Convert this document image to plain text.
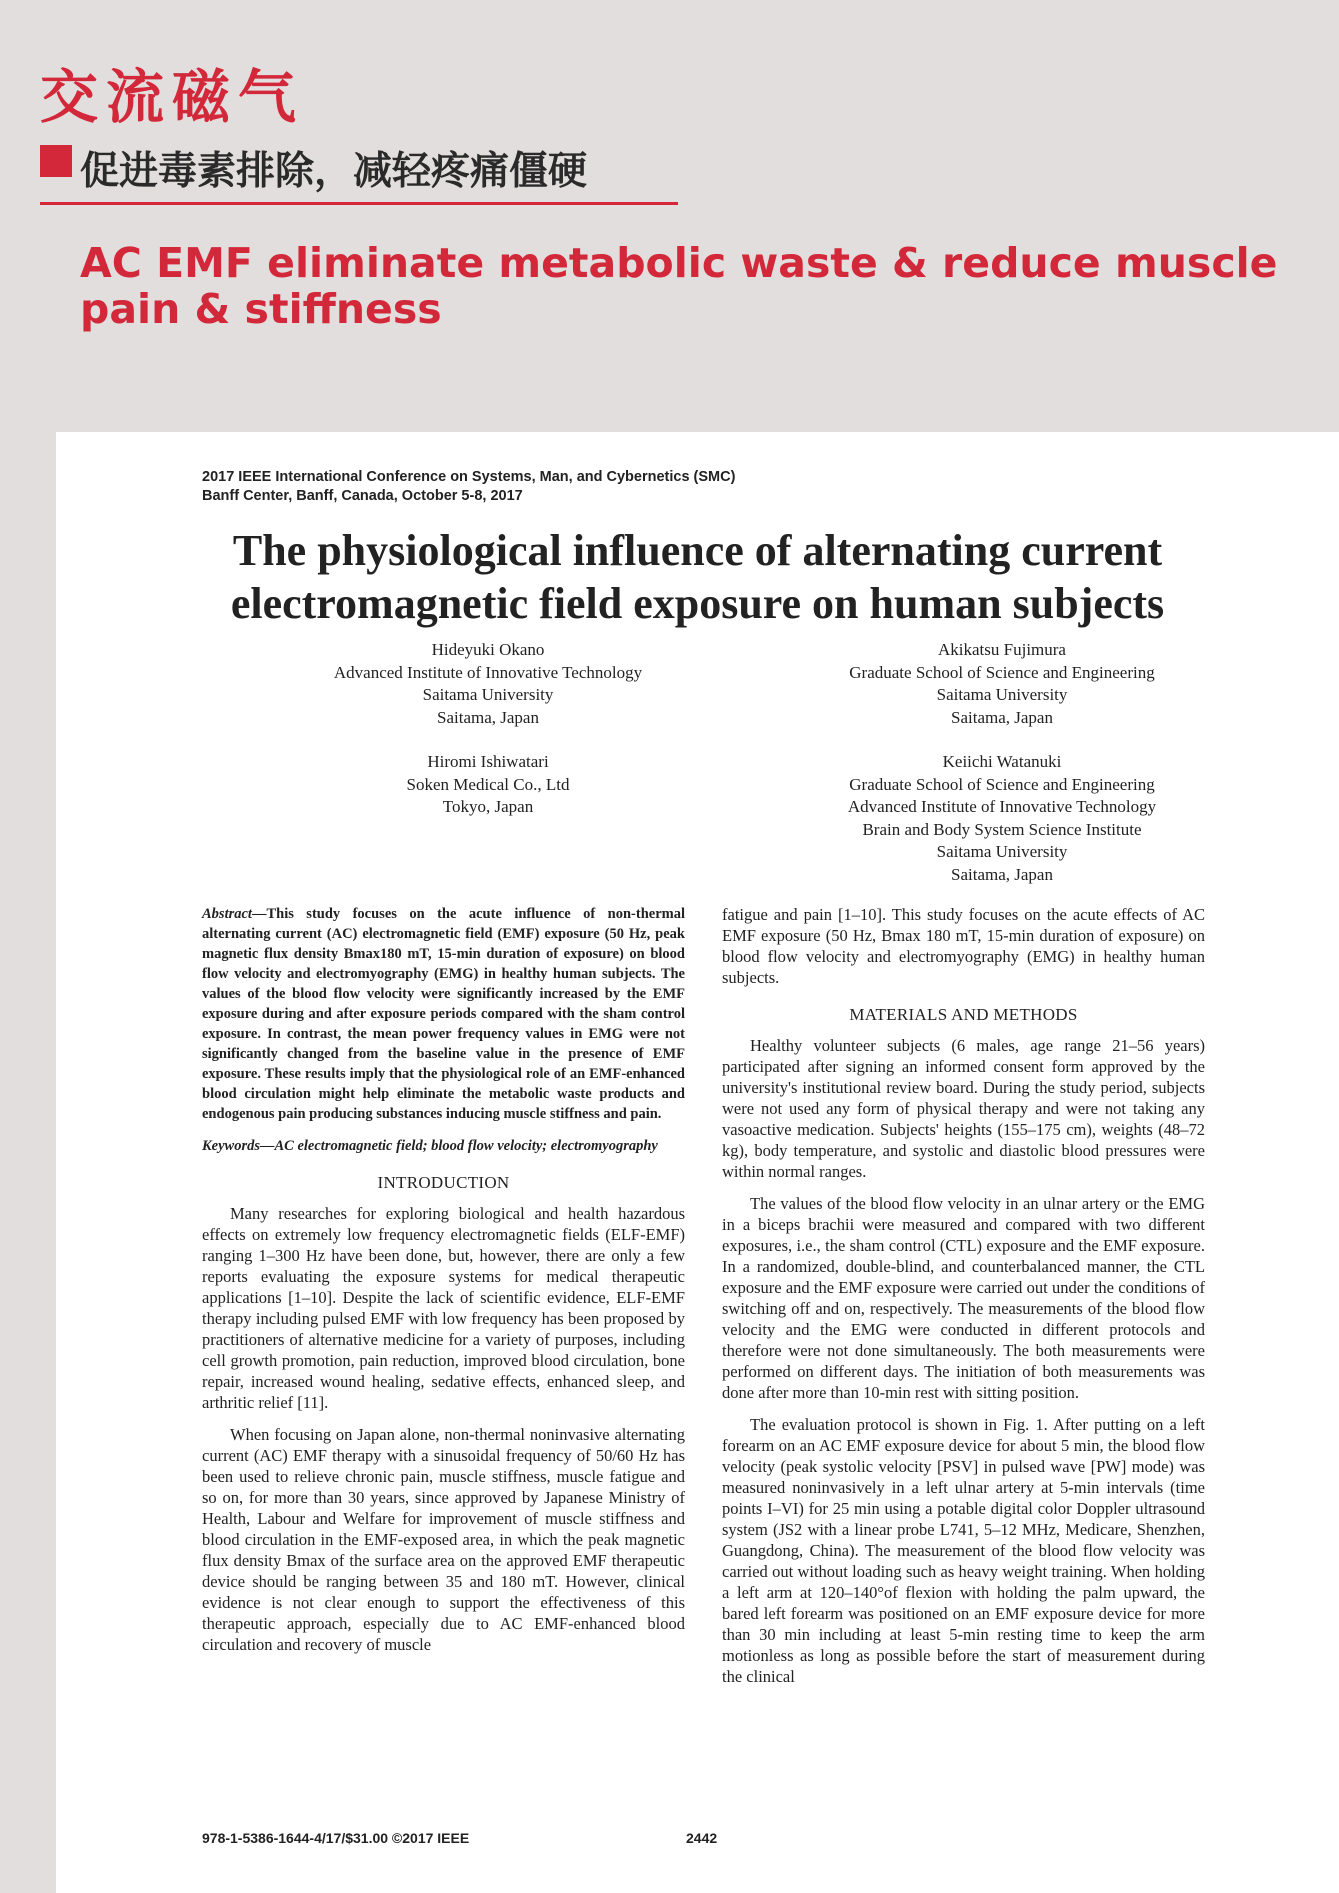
交流磁气
促进毒素排除，减轻疼痛僵硬
AC EMF eliminate metabolic waste & reduce muscle pain & stiffness
2017 IEEE International Conference on Systems, Man, and Cybernetics (SMC)
Banff Center, Banff, Canada, October 5-8, 2017
The physiological influence of alternating current
electromagnetic field exposure on human subjects
Hideyuki Okano
Advanced Institute of Innovative Technology
Saitama University
Saitama, Japan
Hiromi Ishiwatari
Soken Medical Co., Ltd
Tokyo, Japan
Akikatsu Fujimura
Graduate School of Science and Engineering
Saitama University
Saitama, Japan
Keiichi Watanuki
Graduate School of Science and Engineering
Advanced Institute of Innovative Technology
Brain and Body System Science Institute
Saitama University
Saitama, Japan

Abstract—This study focuses on the acute influence of non-thermal alternating current (AC) electromagnetic field (EMF) exposure (50 Hz, peak magnetic flux density Bmax180 mT, 15-min duration of exposure) on blood flow velocity and electromyography (EMG) in healthy human subjects. The values of the blood flow velocity were significantly increased by the EMF exposure during and after exposure periods compared with the sham control exposure. In contrast, the mean power frequency values in EMG were not significantly changed from the baseline value in the presence of EMF exposure. These results imply that the physiological role of an EMF-enhanced blood circulation might help eliminate the metabolic waste products and endogenous pain producing substances inducing muscle stiffness and pain.

Keywords—AC electromagnetic field; blood flow velocity; electromyography

INTRODUCTION

Many researches for exploring biological and health hazardous effects on extremely low frequency electromagnetic fields (ELF-EMF) ranging 1–300 Hz have been done, but, however, there are only a few reports evaluating the exposure systems for medical therapeutic applications [1–10]. Despite the lack of scientific evidence, ELF-EMF therapy including pulsed EMF with low frequency has been proposed by practitioners of alternative medicine for a variety of purposes, including cell growth promotion, pain reduction, improved blood circulation, bone repair, increased wound healing, sedative effects, enhanced sleep, and arthritic relief [11].

When focusing on Japan alone, non-thermal noninvasive alternating current (AC) EMF therapy with a sinusoidal frequency of 50/60 Hz has been used to relieve chronic pain, muscle stiffness, muscle fatigue and so on, for more than 30 years, since approved by Japanese Ministry of Health, Labour and Welfare for improvement of muscle stiffness and blood circulation in the EMF-exposed area, in which the peak magnetic flux density Bmax of the surface area on the approved EMF therapeutic device should be ranging between 35 and 180 mT. However, clinical evidence is not clear enough to support the effectiveness of this therapeutic approach, especially due to AC EMF-enhanced blood circulation and recovery of muscle

fatigue and pain [1–10]. This study focuses on the acute effects of AC EMF exposure (50 Hz, Bmax 180 mT, 15-min duration of exposure) on blood flow velocity and electromyography (EMG) in healthy human subjects.

MATERIALS AND METHODS

Healthy volunteer subjects (6 males, age range 21–56 years) participated after signing an informed consent form approved by the university's institutional review board. During the study period, subjects were not used any form of physical therapy and were not taking any vasoactive medication. Subjects' heights (155–175 cm), weights (48–72 kg), body temperature, and systolic and diastolic blood pressures were within normal ranges.

The values of the blood flow velocity in an ulnar artery or the EMG in a biceps brachii were measured and compared with two different exposures, i.e., the sham control (CTL) exposure and the EMF exposure. In a randomized, double-blind, and counterbalanced manner, the CTL exposure and the EMF exposure were carried out under the conditions of switching off and on, respectively. The measurements of the blood flow velocity and the EMG were conducted in different protocols and therefore were not done simultaneously. The both measurements were performed on different days. The initiation of both measurements was done after more than 10-min rest with sitting position.

The evaluation protocol is shown in Fig. 1. After putting on a left forearm on an AC EMF exposure device for about 5 min, the blood flow velocity (peak systolic velocity [PSV] in pulsed wave [PW] mode) was measured noninvasively in a left ulnar artery at 5-min intervals (time points I–VI) for 25 min using a potable digital color Doppler ultrasound system (JS2 with a linear probe L741, 5–12 MHz, Medicare, Shenzhen, Guangdong, China). The measurement of the blood flow velocity was carried out without loading such as heavy weight training. When holding a left arm at 120–140°of flexion with holding the palm upward, the bared left forearm was positioned on an EMF exposure device for more than 30 min including at least 5-min resting time to keep the arm motionless as long as possible before the start of measurement during the clinical

978-1-5386-1644-4/17/$31.00 ©2017 IEEE	2442
